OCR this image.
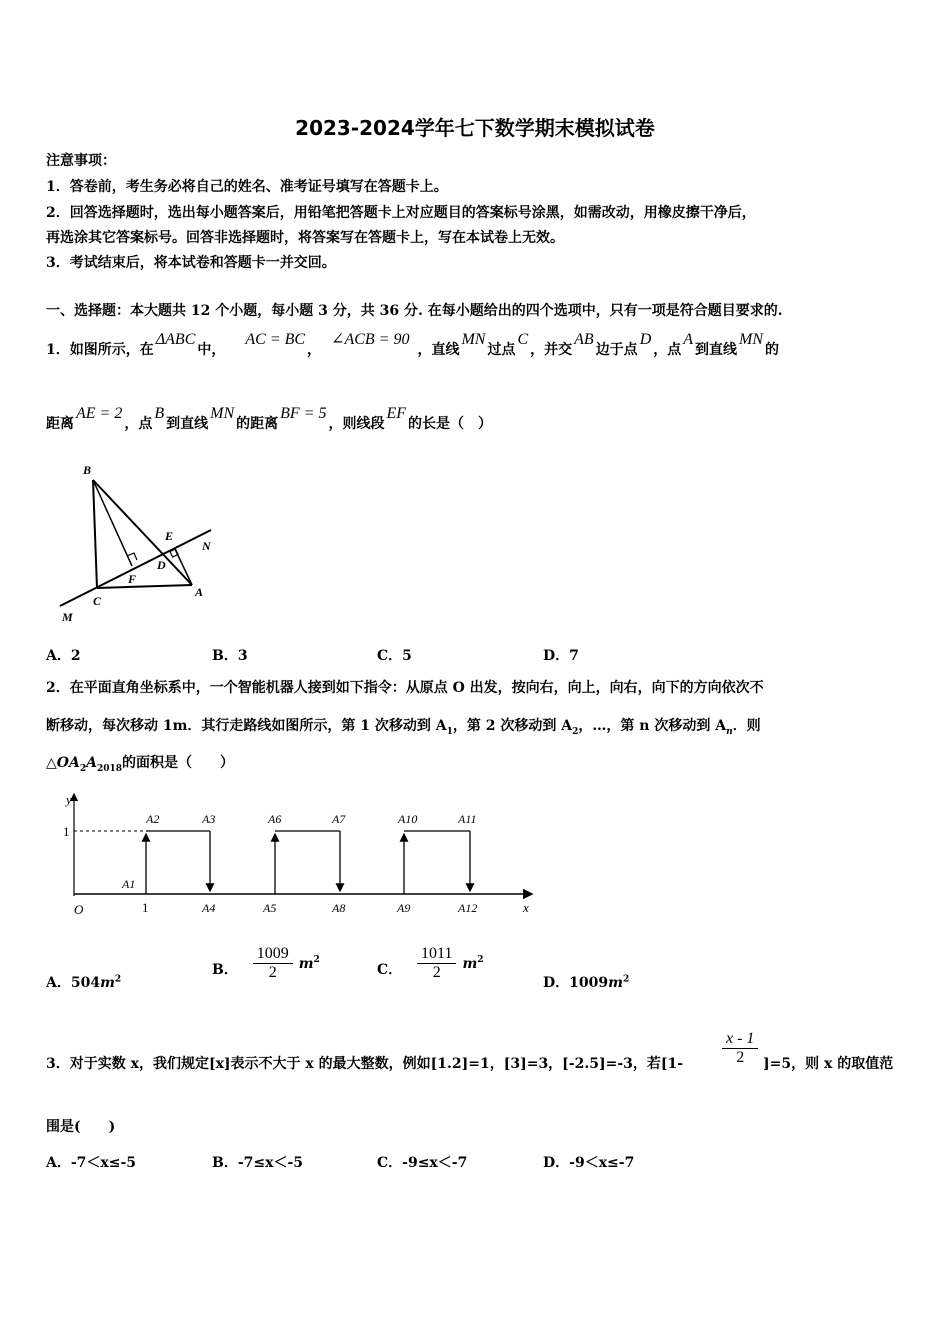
2023-2024学年七下数学期末模拟试卷
注意事项：
1．答卷前，考生务必将自己的姓名、准考证号填写在答题卡上。
2．回答选择题时，选出每小题答案后，用铅笔把答题卡上对应题目的答案标号涂黑，如需改动，用橡皮擦干净后，
再选涂其它答案标号。回答非选择题时，将答案写在答题卡上，写在本试卷上无效。
3．考试结束后，将本试卷和答题卡一并交回。
一、选择题：本大题共 12 个小题，每小题 3 分，共 36 分. 在每小题给出的四个选项中，只有一项是符合题目要求的.
1．如图所示，在ΔABC中，AC = BC，∠ACB = 90，直线MN过点C，并交AB边于点D，点A到直线MN的
距离AE = 2，点B到直线MN的距离BF = 5，则线段EF的长是（　）
B
E
N
D
F
C
A
M
A．2	B．3	C．5	D．7
2．在平面直角坐标系中，一个智能机器人接到如下指令：从原点 O 出发，按向右，向上，向右，向下的方向依次不
断移动，每次移动 1m．其行走路线如图所示，第 1 次移动到 $A_1$，第 2 次移动到 $A_2$，…，第 n 次移动到 $A_n$．则
$\triangle OA_2A_{2018}$的面积是（　　）
y
x
O
1
1
A1
A2	A3
A4	A5
A6	A7
A8	A9
A10	A11
A12
A．$504m^2$
B． $\frac{1009}{2} m^2$
C． $\frac{1011}{2} m^2$
D．$1009m^2$
3．对于实数 x，我们规定[x]表示不大于 x 的最大整数，例如[1.2]=1，[3]=3，[-2.5]=-3，若$[1- \frac{x - 1}{2} ]=5$，则 x 的取值范
围是(　　)
A．-7＜x≤-5	B．-7≤x＜-5	C．-9≤x＜-7	D．-9＜x≤-7
